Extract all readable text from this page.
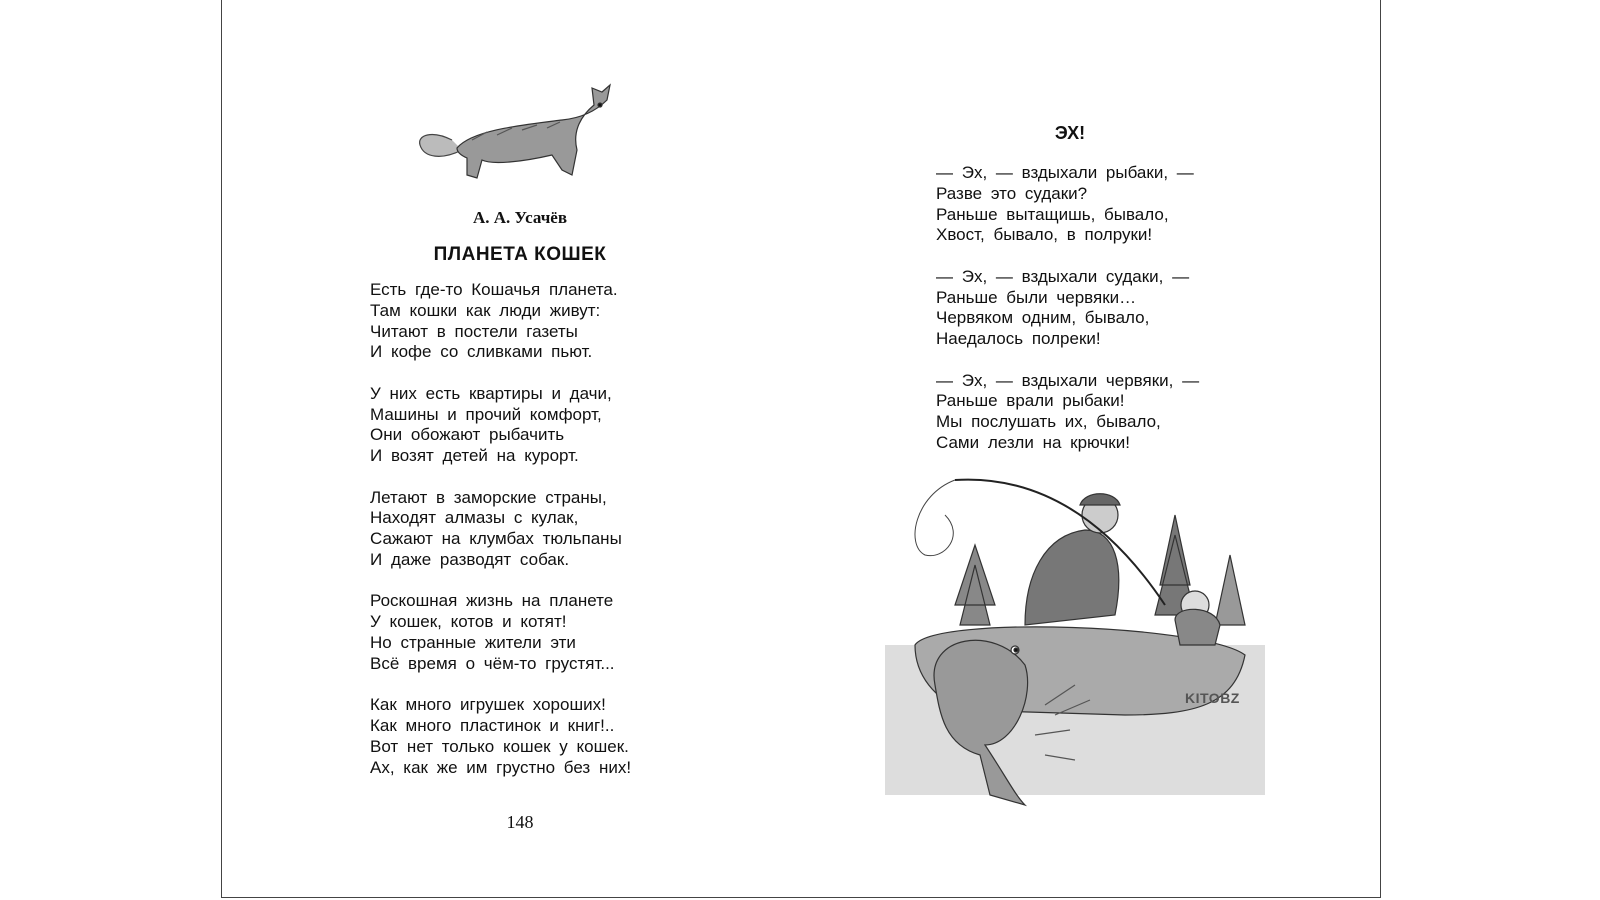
А. А. Усачёв
ПЛАНЕТА КОШЕК
Есть где-то Кошачья планета.
Там кошки как люди живут:
Читают в постели газеты
И кофе со сливками пьют.
У них есть квартиры и дачи,
Машины и прочий комфорт,
Они обожают рыбачить
И возят детей на курорт.
Летают в заморские страны,
Находят алмазы с кулак,
Сажают на клумбах тюльпаны
И даже разводят собак.
Роскошная жизнь на планете
У кошек, котов и котят!
Но странные жители эти
Всё время о чём-то грустят...
Как много игрушек хороших!
Как много пластинок и книг!..
Вот нет только кошек у кошек.
Ах, как же им грустно без них!
148
ЭХ!
— Эх, — вздыхали рыбаки, —
Разве это судаки?
Раньше вытащишь, бывало,
Хвост, бывало, в полруки!
— Эх, — вздыхали судаки, —
Раньше были червяки…
Червяком одним, бывало,
Наедалось полреки!
— Эх, — вздыхали червяки, —
Раньше врали рыбаки!
Мы послушать их, бывало,
Сами лезли на крючки!
KITOBZ
